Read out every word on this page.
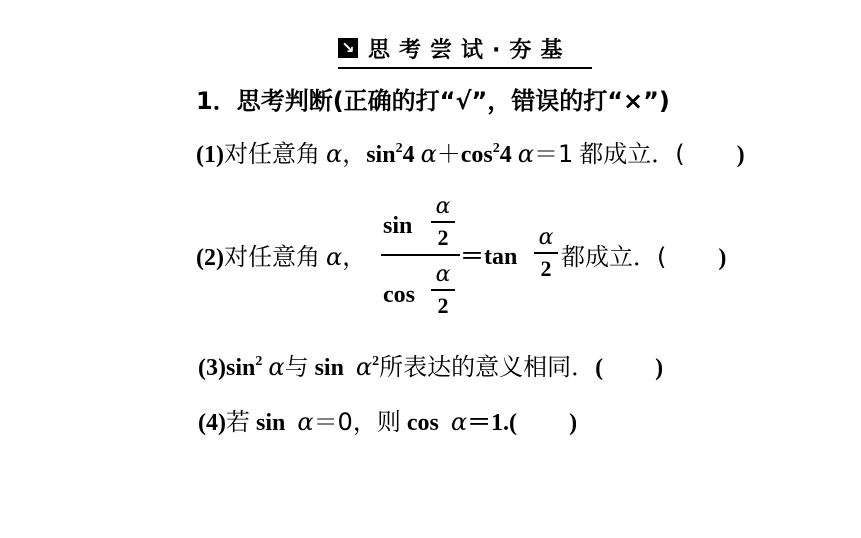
↘ 思考尝试·夯基
1．思考判断(正确的打“√”，错误的打“×”)
(1)对任意角 α，$\sin^24$ $\alpha+\cos^24$ α＝1 都成立．( )
(2)对任意角 α，
sin
α
2
cos
α
2
＝tan
α
2 都成立．( )
$(3)\sin^2$ α与 $\sin \alpha^2$所表达的意义相同．( )
(4)若 sin α＝0，则 cos α＝1.( )
